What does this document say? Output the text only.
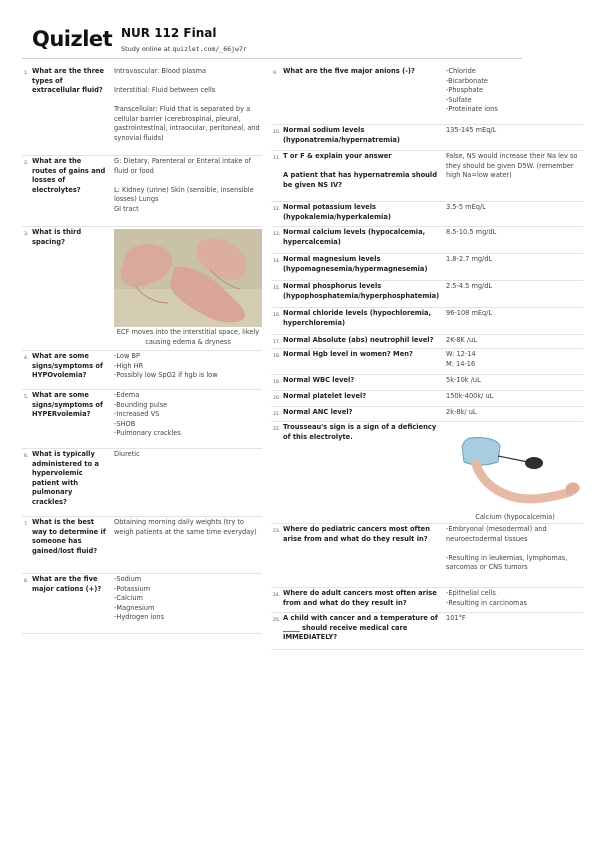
Quizlet NUR 112 Final
Study online at quizlet.com/_66jw7r
1. What are the three types of extracellular fluid?
Intravascular: Blood plasma

Interstitial: Fluid between cells

Transcellular: Fluid that is separated by a cellular barrier (cerebrospinal, pleural, gastrointestinal, intraocular, peritoneal, and synovial fluids)
2. What are the routes of gains and losses of electrolytes?
G: Dietary, Parenteral or Enteral intake of fluid or food

L: Kidney (urine) Skin (sensible, insensible losses) Lungs
GI tract
3. What is third spacing?
ECF moves into the interstitial space, likely causing edema & dryness
4. What are some signs/symptoms of HYPOvolemia?
-Low BP
-High HR
-Possibly low SpO2 if hgb is low
5. What are some signs/symptoms of HYPERvolemia?
-Edema
-Bounding pulse
-Increased VS
-SHOB
-Pulmonary crackles
6. What is typically administered to a hypervolemic patient with pulmonary crackles?
Diuretic
7. What is the best way to determine if someone has gained/lost fluid?
Obtaining morning daily weights (try to weigh patients at the same time everyday)
8. What are the five major cations (+)?
-Sodium
-Potassium
-Calcium
-Magnesium
-Hydrogen ions
9. What are the five major anions (-)?	-Chloride
-Bicarbonate
-Phosphate
-Sulfate
-Proteinate ions
10. Normal sodium levels (hyponatremia/hypernatremia)
135-145 mEq/L
11. T or F & explain your answer

A patient that has hypernatremia should be given NS IV?
False, NS would increase their Na lev so they should be given D5W. (remember high Na=low water)
12. Normal potassium levels (hypokalemia/hyperkalemia)
3.5-5 mEq/L
13. Normal calcium levels (hypocalcemia, hypercalcemia)
8.5-10.5 mg/dL
14. Normal magnesium levels (hypomagnesemia/hypermagnesemia)
1.8-2.7 mg/dL
15. Normal phosphorus levels (hypophosphatemia/hyperphosphatemia)
2.5-4.5 mg/dL
16. Normal chloride levels (hypochloremia, hyperchloremia)
96-108 mEq/L
17. Normal Absolute (abs) neutrophil level?	2K-8K /uL
18. Normal Hgb level in women? Men?	W: 12-14
M: 14-16
19. Normal WBC level?	5k-10k /uL
20. Normal platelet level?	150k-400k/ uL
21. Normal ANC level?	2k-8k/ uL
22. Trousseau's sign is a sign of a deficiency of this electrolyte.
Calcium (hypocalcemia)
23. Where do pediatric cancers most often arise from and what do they result in?
-Embryonal (mesodermal) and neuroectodermal tissues

-Resulting in leukemias, lymphomas, sarcomas or CNS tumors
24. Where do adult cancers most often arise from and what do they result in?
-Epithelial cells
-Resulting in carcinomas
25. A child with cancer and a temperature of _____ should receive medical care IMMEDIATELY?
101°F
